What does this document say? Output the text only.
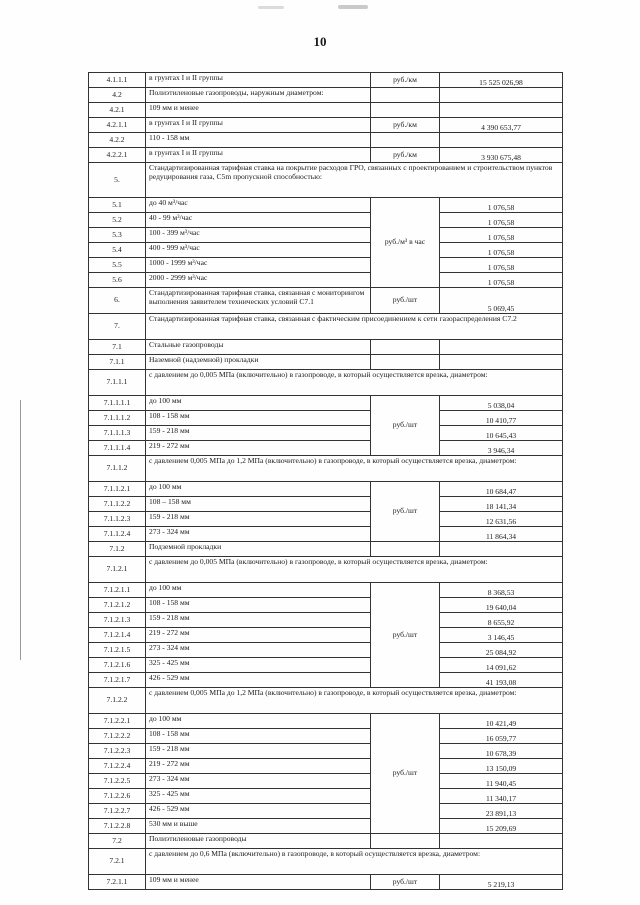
10
4.1.1.1	в грунтах I и II группы	руб./км	15 525 026,98
4.2	Полиэтиленовые газопроводы, наружным диаметром:		
4.2.1	109 мм и менее		
4.2.1.1	в грунтах I и II группы	руб./км	4 390 653,77
4.2.2	110 - 158 мм		
4.2.2.1	в грунтах I и II группы	руб./км	3 930 675,48
5.	Стандартизированная тарифная ставка на покрытие расходов ГРО, связанных с проектированием и строительством пунктов редуцирования газа, С5m пропускной способностью:		
5.1	до 40 м³/час	руб./м³ в час	1 076,58
5.2	40 - 99 м³/час		1 076,58
5.3	100 - 399 м³/час		1 076,58
5.4	400 - 999 м³/час		1 076,58
5.5	1000 - 1999 м³/час		1 076,58
5.6	2000 - 2999 м³/час		1 076,58
6.	Стандартизированная тарифная ставка, связанная с мониторингом выполнения заявителем технических условий С7.1	руб./шт	5 069,45
7.	Стандартизированная тарифная ставка, связанная с фактическим присоединением к сети газораспределения С7.2		
7.1	Стальные газопроводы		
7.1.1	Наземной (надземной) прокладки		
7.1.1.1	с давлением до 0,005 МПа (включительно) в газопроводе, в который осуществляется врезка, диаметром:		
7.1.1.1.1	до 100 мм	руб./шт	5 038,04
7.1.1.1.2	108 - 158 мм		10 410,77
7.1.1.1.3	159 - 218 мм		10 645,43
7.1.1.1.4	219 - 272 мм		3 946,34
7.1.1.2	с давлением 0,005 МПа до 1,2 МПа (включительно) в газопроводе, в который осуществляется врезка, диаметром:		
7.1.1.2.1	до 100 мм	руб./шт	10 684,47
7.1.1.2.2	108 – 158 мм		18 141,34
7.1.1.2.3	159 - 218 мм		12 631,56
7.1.1.2.4	273 - 324 мм		11 864,34
7.1.2	Подземной прокладки		
7.1.2.1	с давлением до 0,005 МПа (включительно) в газопроводе, в который осуществляется врезка, диаметром:		
7.1.2.1.1	до 100 мм	руб./шт	8 368,53
7.1.2.1.2	108 - 158 мм		19 640,04
7.1.2.1.3	159 - 218 мм		8 655,92
7.1.2.1.4	219 - 272 мм		3 146,45
7.1.2.1.5	273 - 324 мм		25 084,92
7.1.2.1.6	325 - 425 мм		14 091,62
7.1.2.1.7	426 - 529 мм		41 193,08
7.1.2.2	с давлением 0,005 МПа до 1,2 МПа (включительно) в газопроводе, в который осуществляется врезка, диаметром:		
7.1.2.2.1	до 100 мм	руб./шт	10 421,49
7.1.2.2.2	108 - 158 мм		16 059,77
7.1.2.2.3	159 - 218 мм		10 678,39
7.1.2.2.4	219 - 272 мм		13 150,09
7.1.2.2.5	273 - 324 мм		11 940,45
7.1.2.2.6	325 - 425 мм		11 340,17
7.1.2.2.7	426 - 529 мм		23 891,13
7.1.2.2.8	530 мм и выше		15 209,69
7.2	Полиэтиленовые газопроводы		
7.2.1	с давлением до 0,6 МПа (включительно) в газопроводе, в который осуществляется врезка, диаметром:		
7.2.1.1	109 мм и менее	руб./шт	5 219,13
